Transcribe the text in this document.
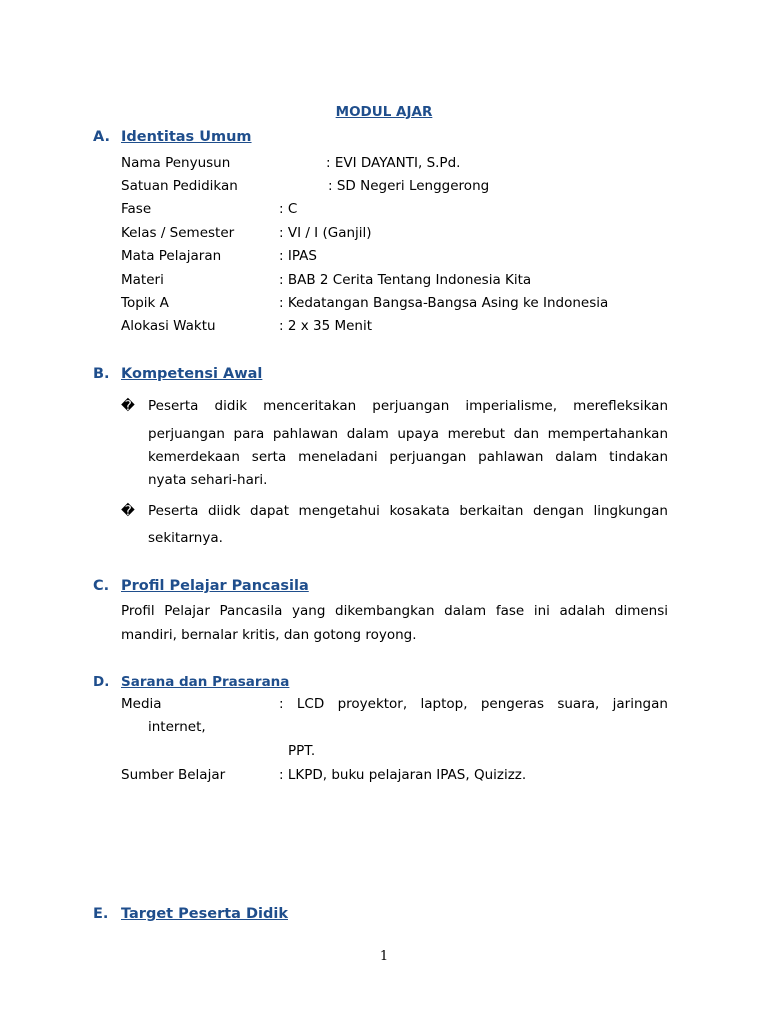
MODUL AJAR
A. Identitas Umum
Nama Penyusun	: EVI DAYANTI, S.Pd.
Satuan Pedidikan	: SD Negeri Lenggerong
Fase	: C
Kelas / Semester	: VI / I (Ganjil)
Mata Pelajaran	: IPAS
Materi	: BAB 2 Cerita Tentang Indonesia Kita
Topik A	: Kedatangan Bangsa-Bangsa Asing ke Indonesia
Alokasi Waktu	: 2 x 35 Menit
B. Kompetensi Awal
� Peserta didik menceritakan perjuangan imperialisme, merefleksikan
perjuangan para pahlawan dalam upaya merebut dan mempertahankan
kemerdekaan serta meneladani perjuangan pahlawan dalam tindakan
nyata sehari-hari.
� Peserta diidk dapat mengetahui kosakata berkaitan dengan lingkungan
sekitarnya.
C. Profil Pelajar Pancasila
Profil Pelajar Pancasila yang dikembangkan dalam fase ini adalah dimensi
mandiri, bernalar kritis, dan gotong royong.
D. Sarana dan Prasarana
Media	: LCD proyektor, laptop, pengeras suara, jaringan
internet,
PPT.
Sumber Belajar	: LKPD, buku pelajaran IPAS, Quizizz.
E. Target Peserta Didik
1
